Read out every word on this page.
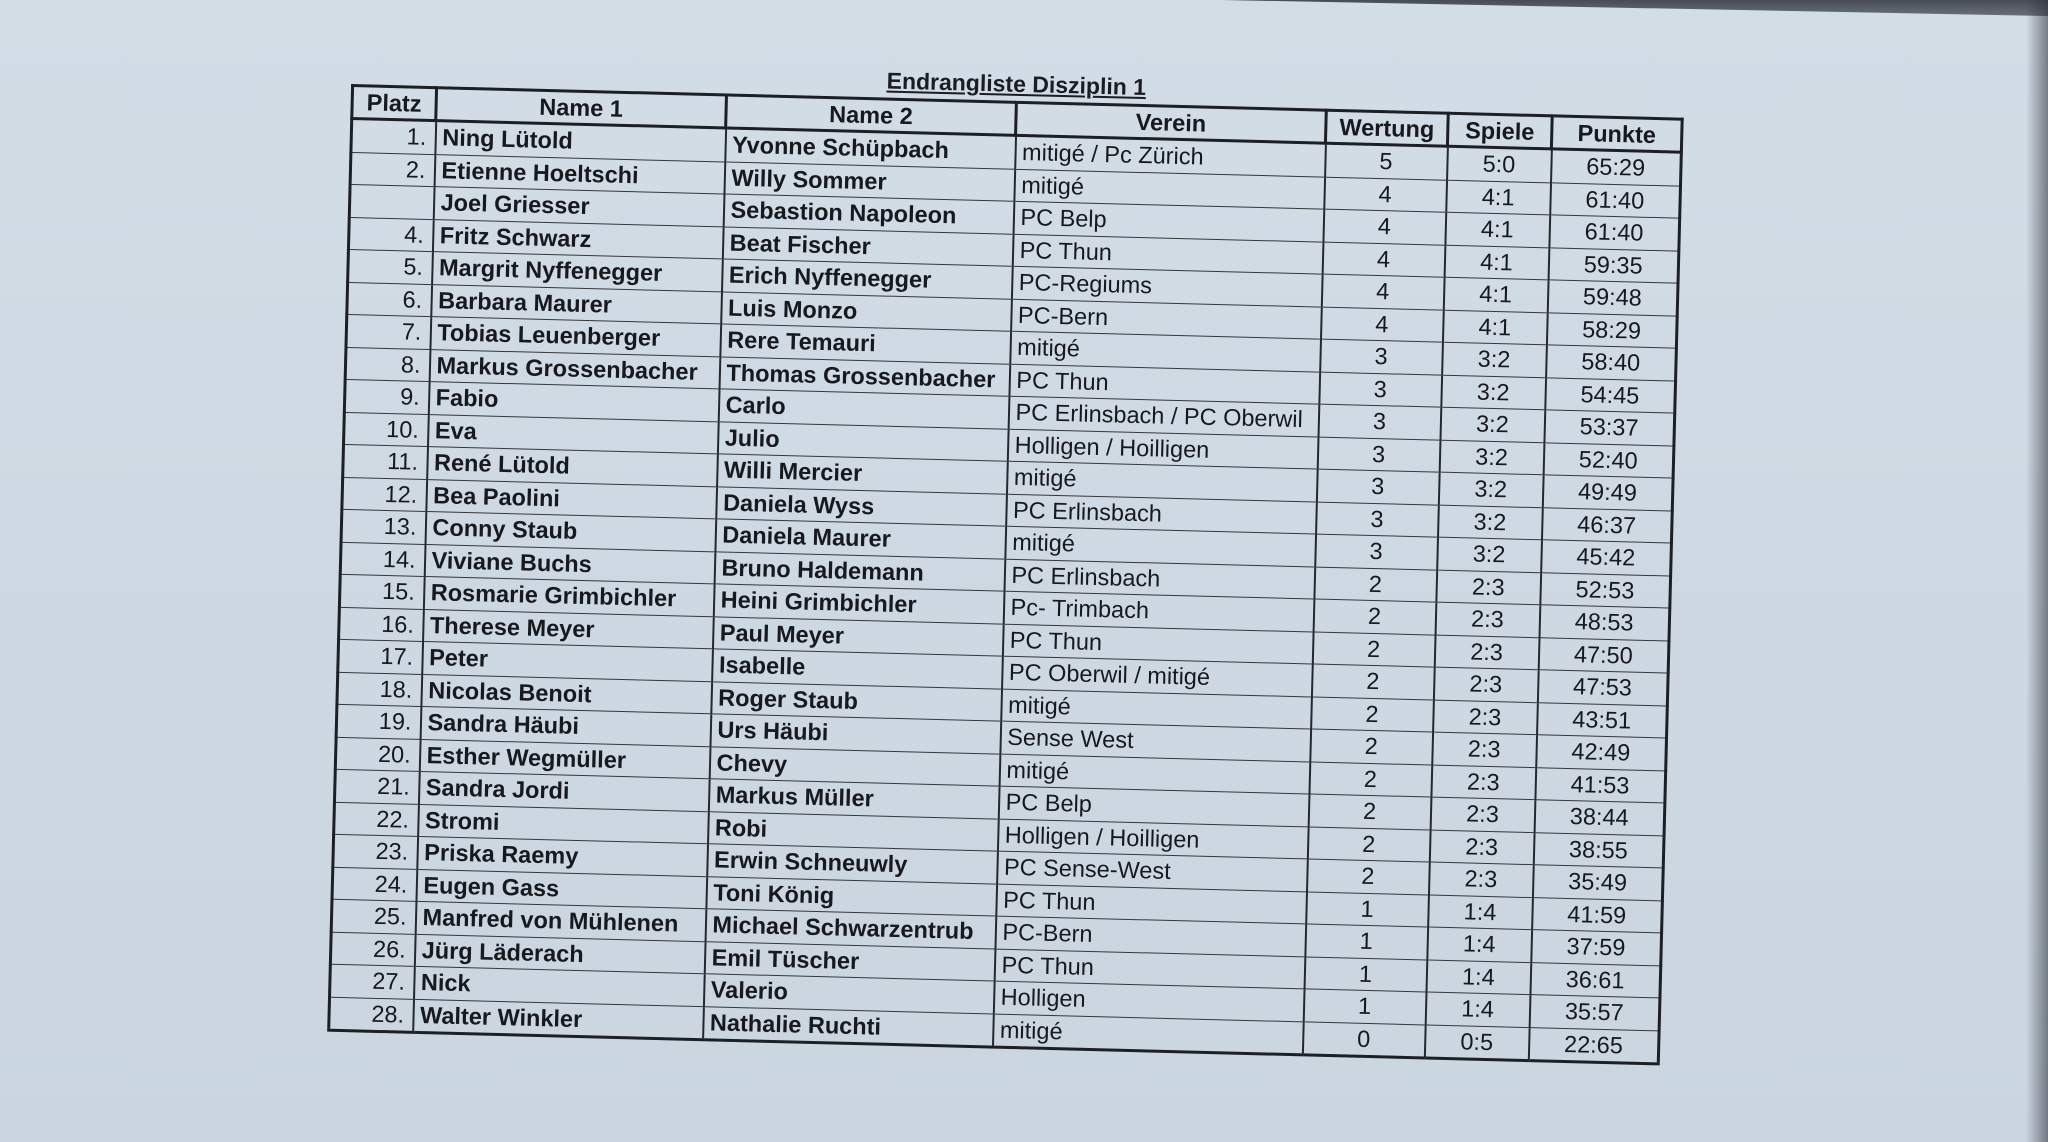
Endrangliste Disziplin 1
Platz	Name 1	Name 2	Verein	Wertung	Spiele	Punkte
1.	Ning Lütold	Yvonne Schüpbach	mitigé / Pc Zürich	5	5:0	65:29
2.	Etienne Hoeltschi	Willy Sommer	mitigé	4	4:1	61:40
	Joel Griesser	Sebastion Napoleon	PC Belp	4	4:1	61:40
4.	Fritz Schwarz	Beat Fischer	PC Thun	4	4:1	59:35
5.	Margrit Nyffenegger	Erich Nyffenegger	PC-Regiums	4	4:1	59:48
6.	Barbara Maurer	Luis Monzo	PC-Bern	4	4:1	58:29
7.	Tobias Leuenberger	Rere Temauri	mitigé	3	3:2	58:40
8.	Markus Grossenbacher	Thomas Grossenbacher	PC Thun	3	3:2	54:45
9.	Fabio	Carlo	PC Erlinsbach / PC Oberwil	3	3:2	53:37
10.	Eva	Julio	Holligen / Hoilligen	3	3:2	52:40
11.	René Lütold	Willi Mercier	mitigé	3	3:2	49:49
12.	Bea Paolini	Daniela Wyss	PC Erlinsbach	3	3:2	46:37
13.	Conny Staub	Daniela Maurer	mitigé	3	3:2	45:42
14.	Viviane Buchs	Bruno Haldemann	PC Erlinsbach	2	2:3	52:53
15.	Rosmarie Grimbichler	Heini Grimbichler	Pc- Trimbach	2	2:3	48:53
16.	Therese Meyer	Paul Meyer	PC Thun	2	2:3	47:50
17.	Peter	Isabelle	PC Oberwil / mitigé	2	2:3	47:53
18.	Nicolas Benoit	Roger Staub	mitigé	2	2:3	43:51
19.	Sandra Häubi	Urs Häubi	Sense West	2	2:3	42:49
20.	Esther Wegmüller	Chevy	mitigé	2	2:3	41:53
21.	Sandra Jordi	Markus Müller	PC Belp	2	2:3	38:44
22.	Stromi	Robi	Holligen / Hoilligen	2	2:3	38:55
23.	Priska Raemy	Erwin Schneuwly	PC Sense-West	2	2:3	35:49
24.	Eugen Gass	Toni König	PC Thun	1	1:4	41:59
25.	Manfred von Mühlenen	Michael Schwarzentrub	PC-Bern	1	1:4	37:59
26.	Jürg Läderach	Emil Tüscher	PC Thun	1	1:4	36:61
27.	Nick	Valerio	Holligen	1	1:4	35:57
28.	Walter Winkler	Nathalie Ruchti	mitigé	0	0:5	22:65
